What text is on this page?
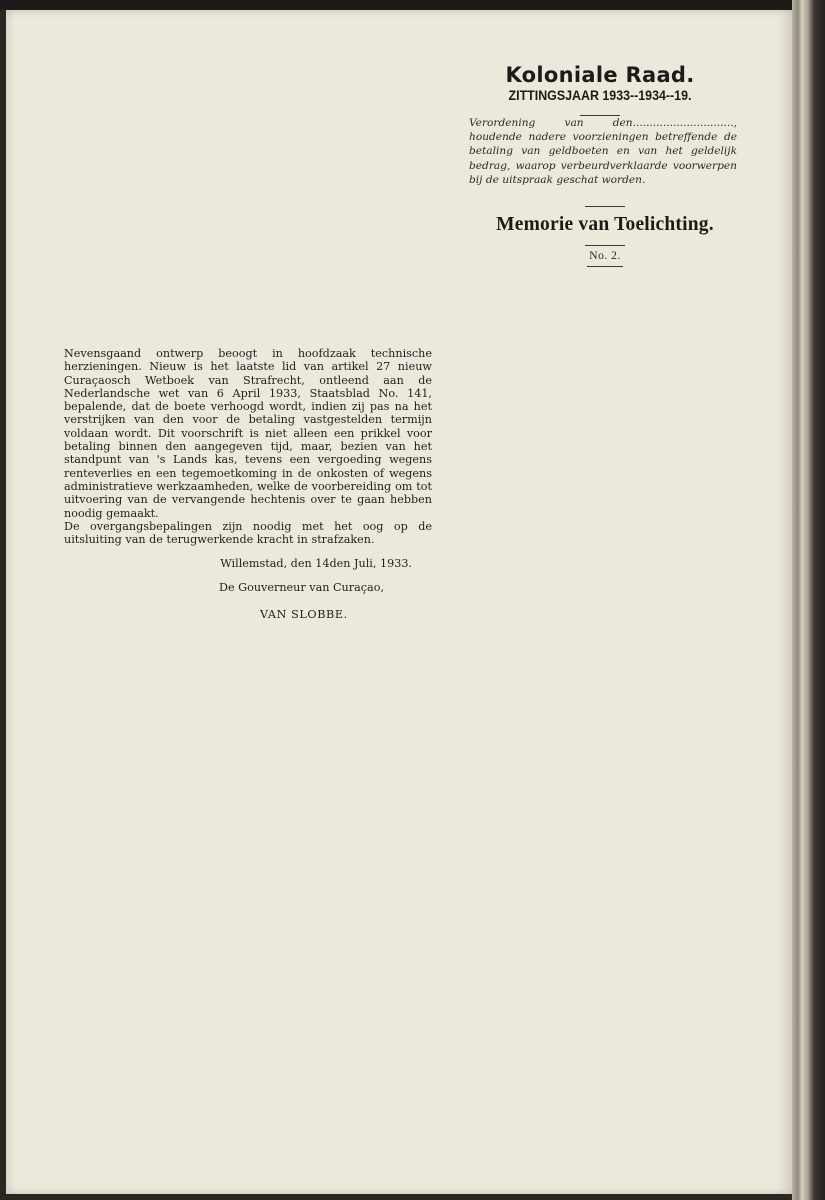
Koloniale Raad.
ZITTINGSJAAR 1933--1934--19.
Verordening van den..............................,
houdende nadere voorzieningen betreffende de betaling van geldboeten en van het geldelijk bedrag, waarop verbeurdverklaarde voorwerpen bij de uitspraak geschat worden.
Memorie van Toelichting.
No. 2.

Nevensgaand ontwerp beoogt in hoofdzaak technische herzieningen. Nieuw is het laatste lid van artikel 27 nieuw Curaçaosch Wetboek van Strafrecht, ontleend aan de Nederlandsche wet van 6 April 1933, Staatsblad No. 141, bepalende, dat de boete verhoogd wordt, indien zij pas na het verstrijken van den voor de betaling vastgestelden termijn voldaan wordt. Dit voorschrift is niet alleen een prikkel voor betaling binnen den aangegeven tijd, maar, bezien van het standpunt van 's Lands kas, tevens een vergoeding wegens renteverlies en een tegemoetkoming in de onkosten of wegens administratieve werkzaamheden, welke de voorbereiding om tot uitvoering van de vervangende hechtenis over te gaan hebben noodig gemaakt.

De overgangsbepalingen zijn noodig met het oog op de uitsluiting van de terugwerkende kracht in strafzaken.

Willemstad, den 14den Juli, 1933.
De Gouverneur van Curaçao,
VAN SLOBBE.
